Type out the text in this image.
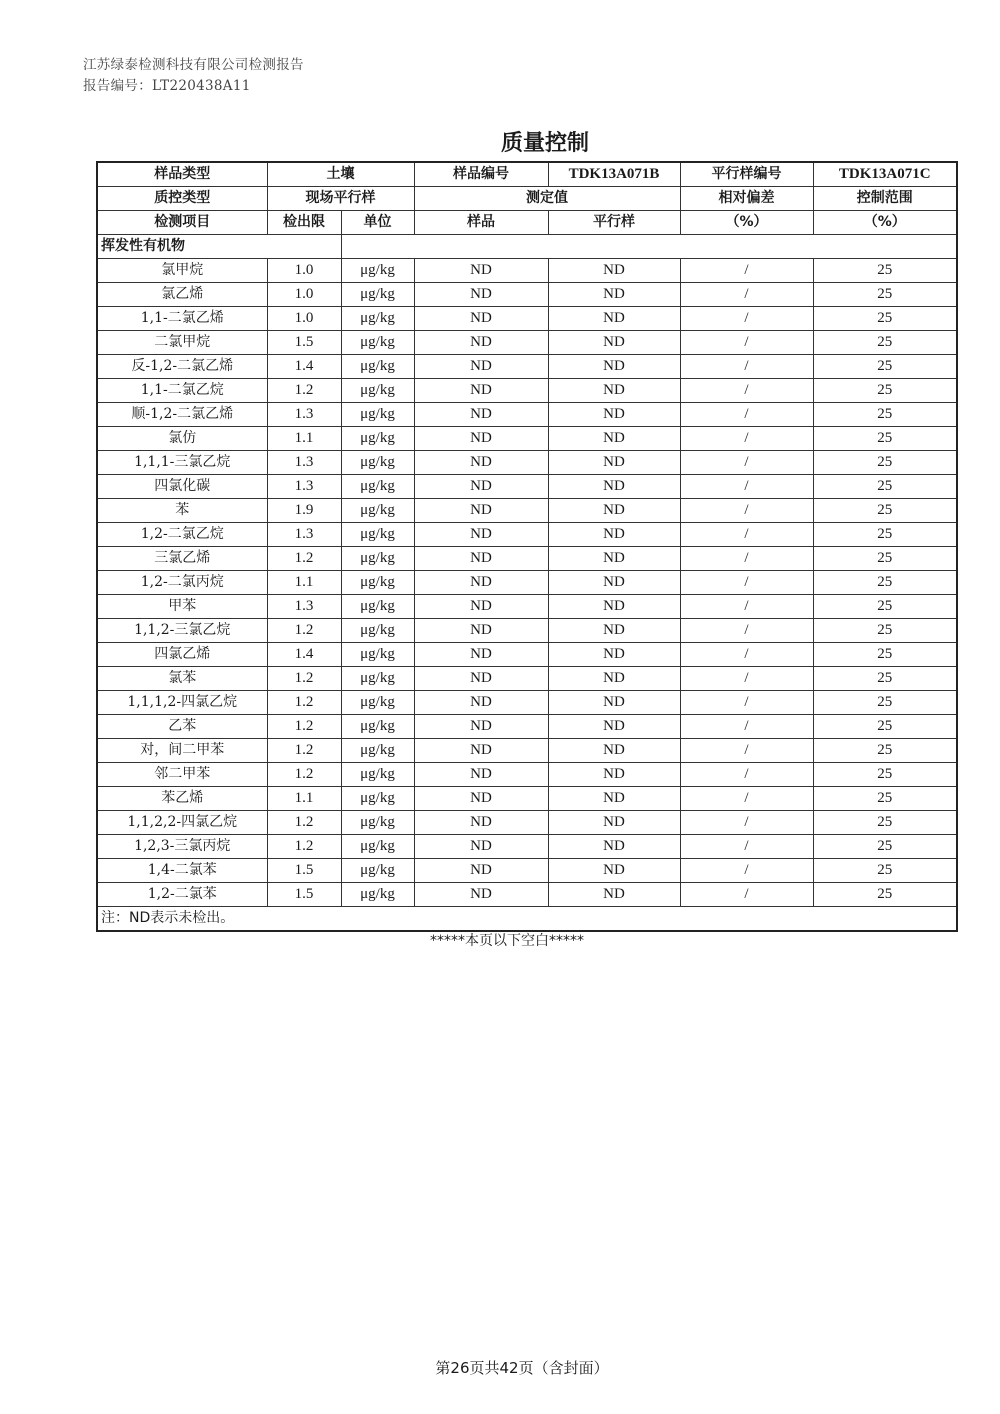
江苏绿泰检测科技有限公司检测报告
报告编号：LT220438A11
质量控制
样品类型	土壤		样品编号	TDK13A071B	平行样编号	TDK13A071C
质控类型	现场平行样		测定值		相对偏差	控制范围
检测项目	检出限	单位	样品	平行样	（%）	（%）
挥发性有机物						
氯甲烷	1.0	μg/kg	ND	ND	/	25
氯乙烯	1.0	μg/kg	ND	ND	/	25
1,1-二氯乙烯	1.0	μg/kg	ND	ND	/	25
二氯甲烷	1.5	μg/kg	ND	ND	/	25
反-1,2-二氯乙烯	1.4	μg/kg	ND	ND	/	25
1,1-二氯乙烷	1.2	μg/kg	ND	ND	/	25
顺-1,2-二氯乙烯	1.3	μg/kg	ND	ND	/	25
氯仿	1.1	μg/kg	ND	ND	/	25
1,1,1-三氯乙烷	1.3	μg/kg	ND	ND	/	25
四氯化碳	1.3	μg/kg	ND	ND	/	25
苯	1.9	μg/kg	ND	ND	/	25
1,2-二氯乙烷	1.3	μg/kg	ND	ND	/	25
三氯乙烯	1.2	μg/kg	ND	ND	/	25
1,2-二氯丙烷	1.1	μg/kg	ND	ND	/	25
甲苯	1.3	μg/kg	ND	ND	/	25
1,1,2-三氯乙烷	1.2	μg/kg	ND	ND	/	25
四氯乙烯	1.4	μg/kg	ND	ND	/	25
氯苯	1.2	μg/kg	ND	ND	/	25
1,1,1,2-四氯乙烷	1.2	μg/kg	ND	ND	/	25
乙苯	1.2	μg/kg	ND	ND	/	25
对，间二甲苯	1.2	μg/kg	ND	ND	/	25
邻二甲苯	1.2	μg/kg	ND	ND	/	25
苯乙烯	1.1	μg/kg	ND	ND	/	25
1,1,2,2-四氯乙烷	1.2	μg/kg	ND	ND	/	25
1,2,3-三氯丙烷	1.2	μg/kg	ND	ND	/	25
1,4-二氯苯	1.5	μg/kg	ND	ND	/	25
1,2-二氯苯	1.5	μg/kg	ND	ND	/	25
注：ND表示未检出。						
*****本页以下空白*****
第26页共42页（含封面）
